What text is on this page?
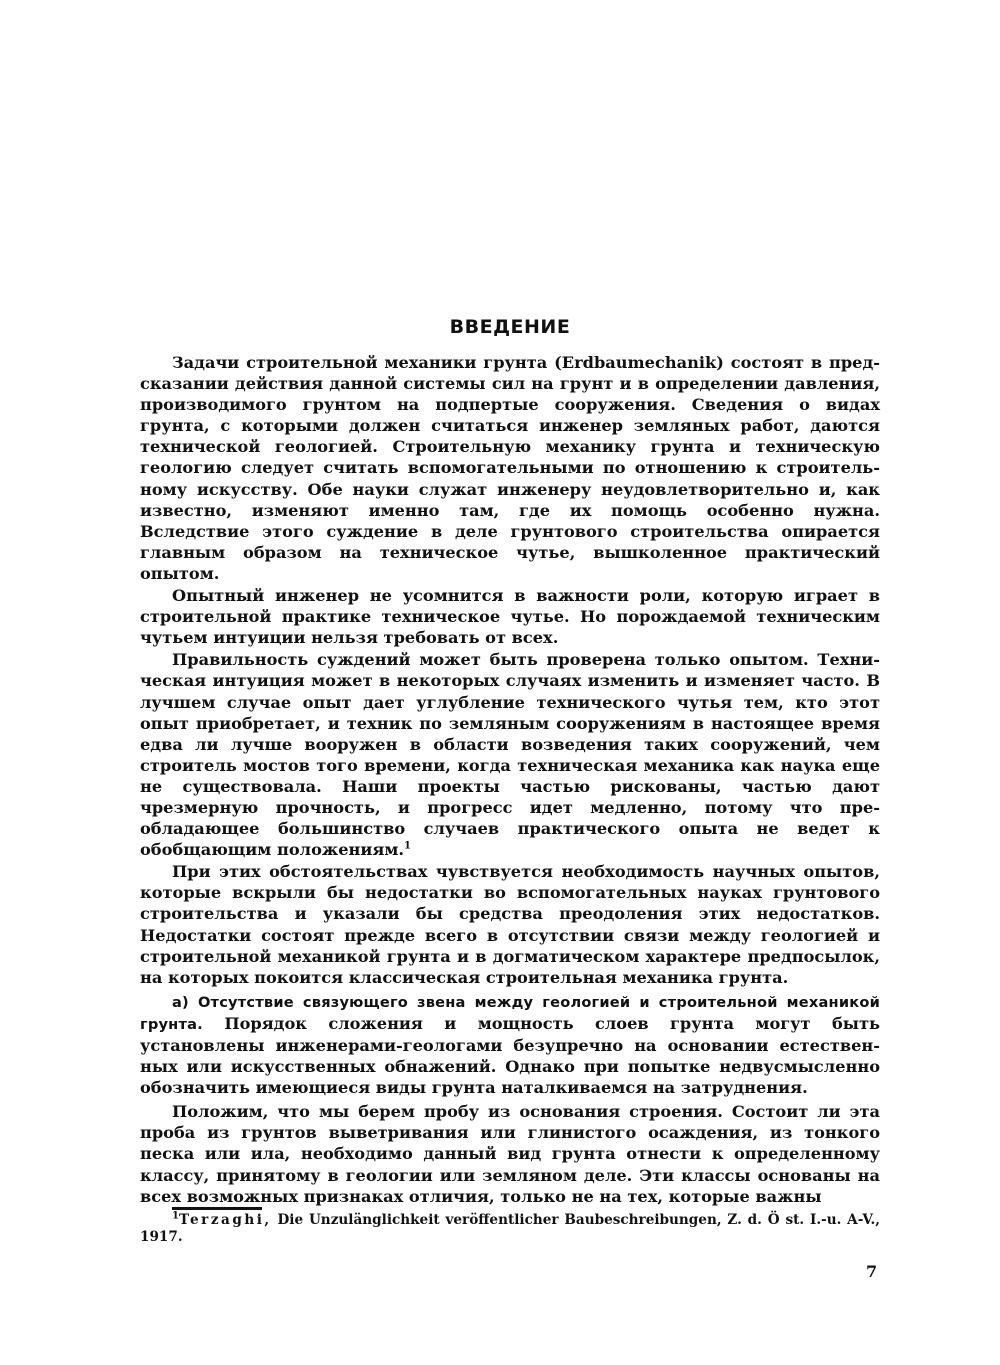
ВВЕДЕНИЕ

Задачи строительной механики грунта (Erdbaumechanik) состоят в предсказании действия данной системы сил на грунт и в определении давления, производимого грунтом на подпертые сооружения. Сведения о видах грунта, с которыми должен считаться инженер земляных работ, даются технической геологией. Строительную механику грунта и техническую геологию следует считать вспомогательными по отношению к строительному искусству. Обе науки служат инженеру неудовлетворительно и, как известно, изменяют именно там, где их помощь особенно нужна. Вследствие этого суждение в деле грунтового строительства опирается главным образом на техническое чутье, вышколенное практический опытом.

Опытный инженер не усомнится в важности роли, которую играет в строительной практике техническое чутье. Но порождаемой техническим чутьем интуиции нельзя требовать от всех.

Правильность суждений может быть проверена только опытом. Техническая интуиция может в некоторых случаях изменить и изменяет часто. В лучшем случае опыт дает углубление технического чутья тем, кто этот опыт приобретает, и техник по земляным сооружениям в настоящее время едва ли лучше вооружен в области возведения таких сооружений, чем строитель мостов того времени, когда техническая механика как наука еще не существовала. Наши проекты частью рискованы, частью дают чрезмерную прочность, и прогресс идет медленно, потому что преобладающее большинство случаев практического опыта не ведет к обобщающим положениям.$^1$

При этих обстоятельствах чувствуется необходимость научных опытов, которые вскрыли бы недостатки во вспомогательных науках грунтового строительства и указали бы средства преодоления этих недостатков. Недостатки состоят прежде всего в отсутствии связи между геологией и строительной механикой грунта и в догматическом характере предпосылок, на которых покоится классическая строительная механика грунта.

а) Отсутствие связующего звена между геологией и строительной механикой грунта. Порядок сложения и мощность слоев грунта могут быть установлены инженерами-геологами безупречно на основании естественных или искусственных обнажений. Однако при попытке недвусмысленно обозначить имеющиеся виды грунта наталкиваемся на затруднения.

Положим, что мы берем пробу из основания строения. Состоит ли эта проба из грунтов выветривания или глинистого осаждения, из тонкого песка или ила, необходимо данный вид грунта отнести к определенному классу, принятому в геологии или земляном деле. Эти классы основаны на всех возможных признаках отличия, только не на тех, которые важны

$^1$Terzaghi, Die Unzulänglichkeit veröffentlicher Baubeschreibungen, Z. d. Ö st. I.-u. A-V., 1917.

7
